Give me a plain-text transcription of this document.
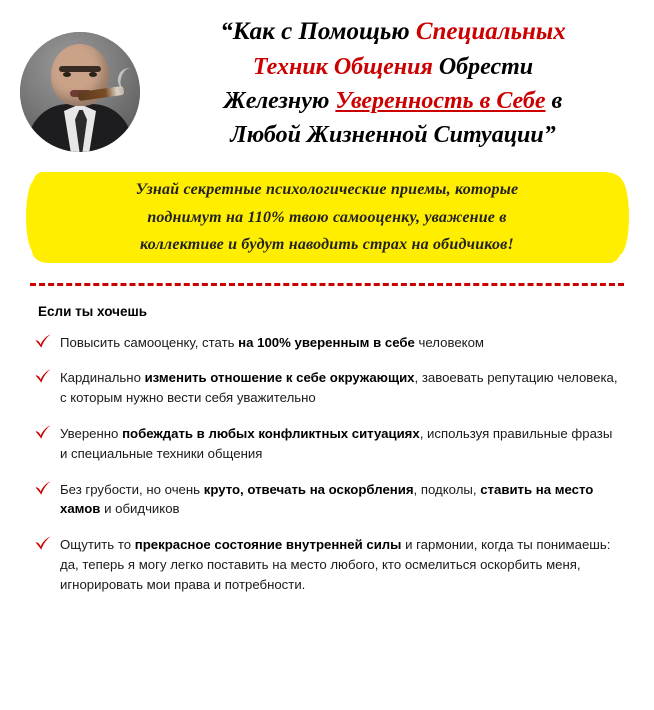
“Как с Помощью Специальных
Техник Общения Обрести
Железную Уверенность в Себе в
Любой Жизненной Ситуации”
Узнай секретные психологические приемы, которые
поднимут на 110% твою самооценку, уважение в
коллективе и будут наводить страх на обидчиков!
Если ты хочешь
Повысить самооценку, стать на 100% уверенным в себе человеком
Кардинально изменить отношение к себе окружающих, завоевать репутацию человека, с которым нужно вести себя уважительно
Уверенно побеждать в любых конфликтных ситуациях, используя правильные фразы и специальные техники общения
Без грубости, но очень круто, отвечать на оскорбления, подколы, ставить на место хамов и обидчиков
Ощутить то прекрасное состояние внутренней силы и гармонии, когда ты понимаешь: да, теперь я могу легко поставить на место любого, кто осмелиться оскорбить меня, игнорировать мои права и потребности.
